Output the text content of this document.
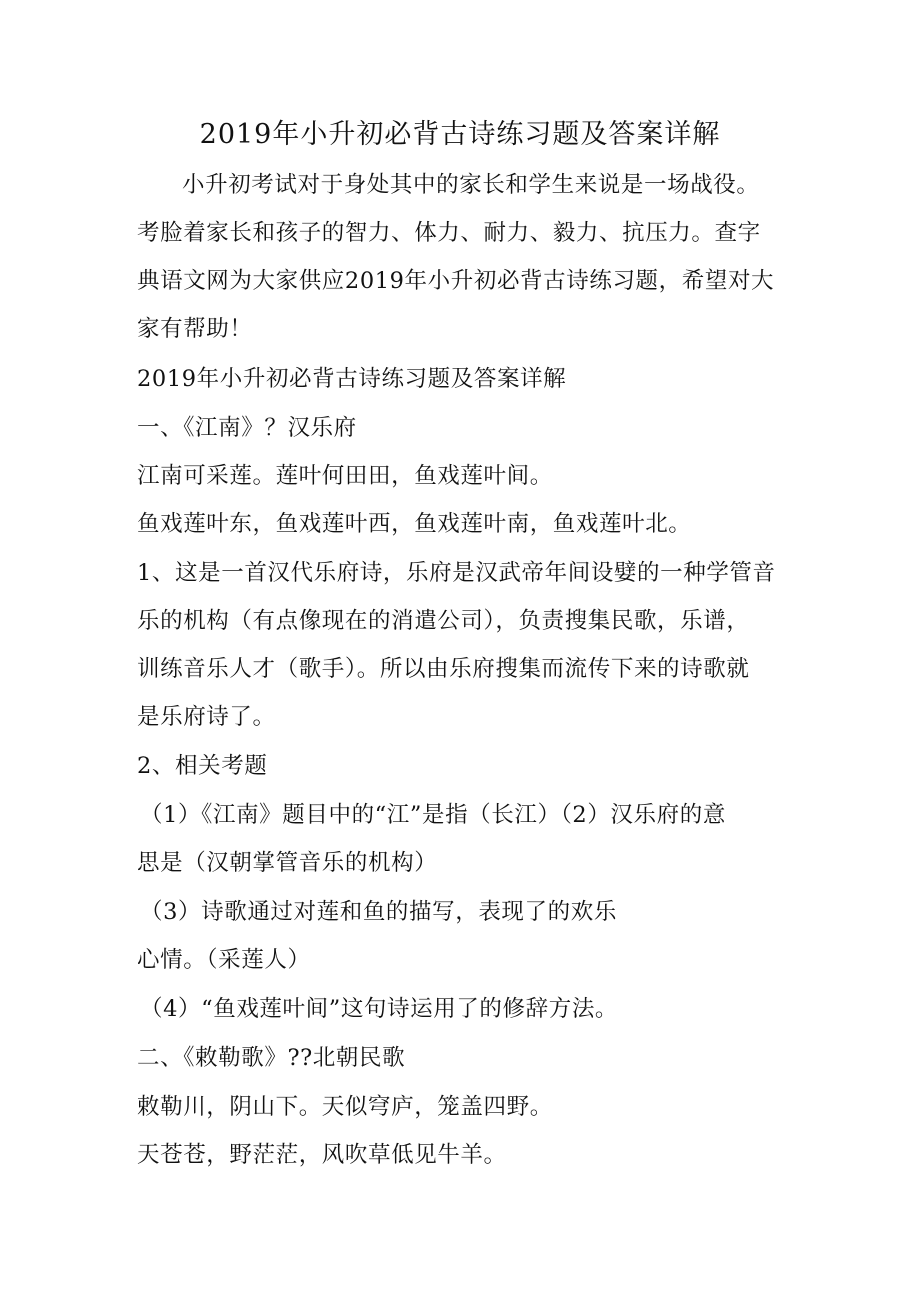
2019年小升初必背古诗练习题及答案详解
小升初考试对于身处其中的家长和学生来说是一场战役。
考脸着家长和孩子的智力、体力、耐力、毅力、抗压力。查字
典语文网为大家供应2019年小升初必背古诗练习题，希望对大
家有帮助！
2019年小升初必背古诗练习题及答案详解
一、《江南》？汉乐府
江南可采莲。莲叶何田田，鱼戏莲叶间。
鱼戏莲叶东，鱼戏莲叶西，鱼戏莲叶南，鱼戏莲叶北。
1、这是一首汉代乐府诗，乐府是汉武帝年间设嬖的一种学管音
乐的机构（有点像现在的消遣公司），负责搜集民歌，乐谱，
训练音乐人才（歌手）。所以由乐府搜集而流传下来的诗歌就
是乐府诗了。
2、相关考题
（1）《江南》题目中的“江”是指（长江）（2）汉乐府的意
思是（汉朝掌管音乐的机构）
（3）诗歌通过对莲和鱼的描写，表现了的欢乐
心情。（采莲人）
（4）“鱼戏莲叶间”这句诗运用了的修辞方法。
二、《敕勒歌》??北朝民歌
敕勒川，阴山下。天似穹庐，笼盖四野。
天苍苍，野茫茫，风吹草低见牛羊。
